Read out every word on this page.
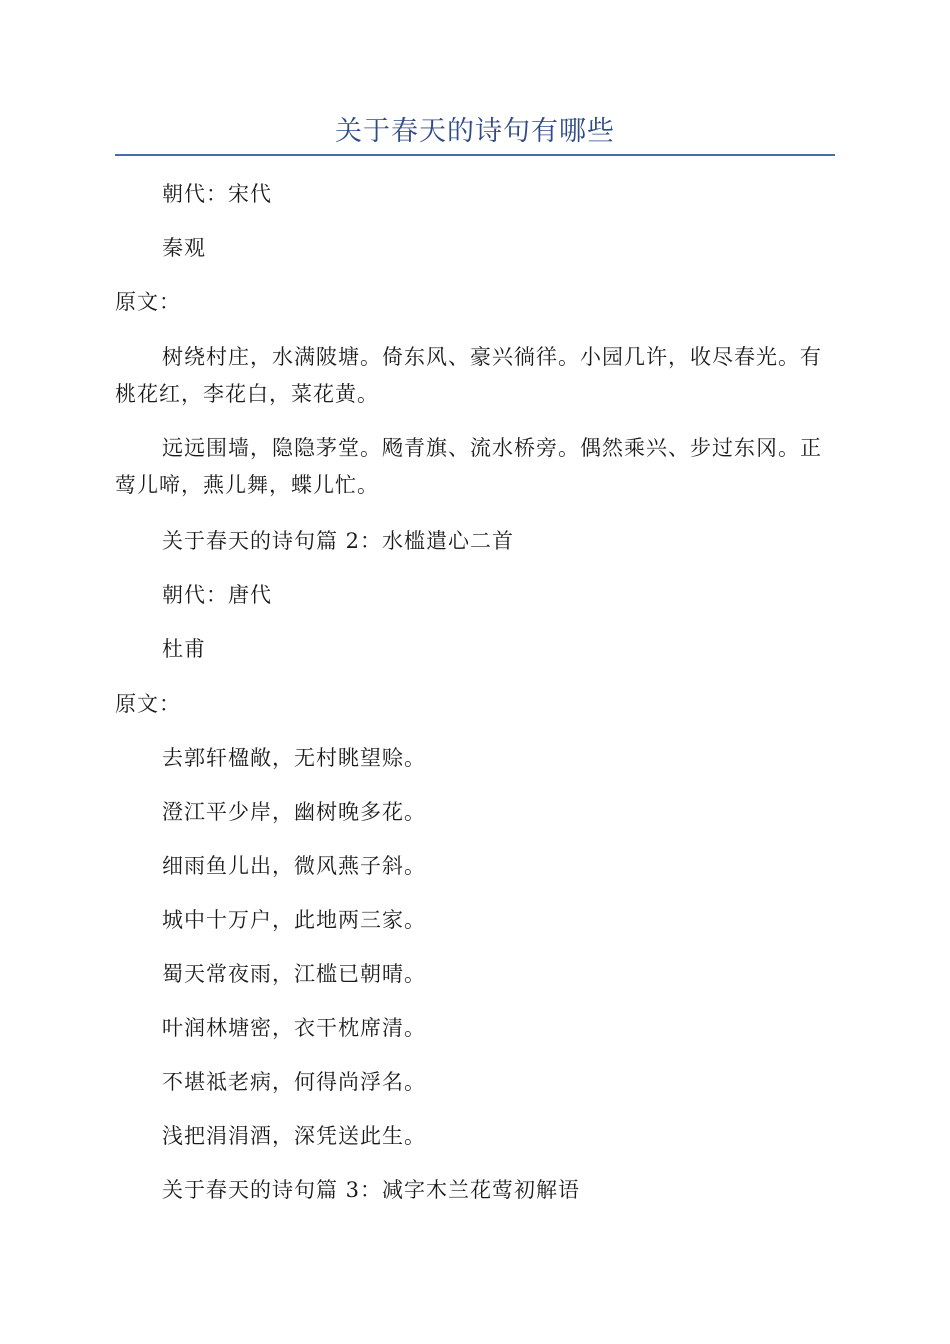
关于春天的诗句有哪些

朝代：宋代

秦观

原文：

树绕村庄，水满陂塘。倚东风、豪兴徜徉。小园几许，收尽春光。有桃花红，李花白，菜花黄。

远远围墙，隐隐茅堂。飏青旗、流水桥旁。偶然乘兴、步过东冈。正莺儿啼，燕儿舞，蝶儿忙。

关于春天的诗句篇 2：水槛遣心二首

朝代：唐代

杜甫

原文：

去郭轩楹敞，无村眺望赊。

澄江平少岸，幽树晚多花。

细雨鱼儿出，微风燕子斜。

城中十万户，此地两三家。

蜀天常夜雨，江槛已朝晴。

叶润林塘密，衣干枕席清。

不堪祗老病，何得尚浮名。

浅把涓涓酒，深凭送此生。

关于春天的诗句篇 3：减字木兰花莺初解语
